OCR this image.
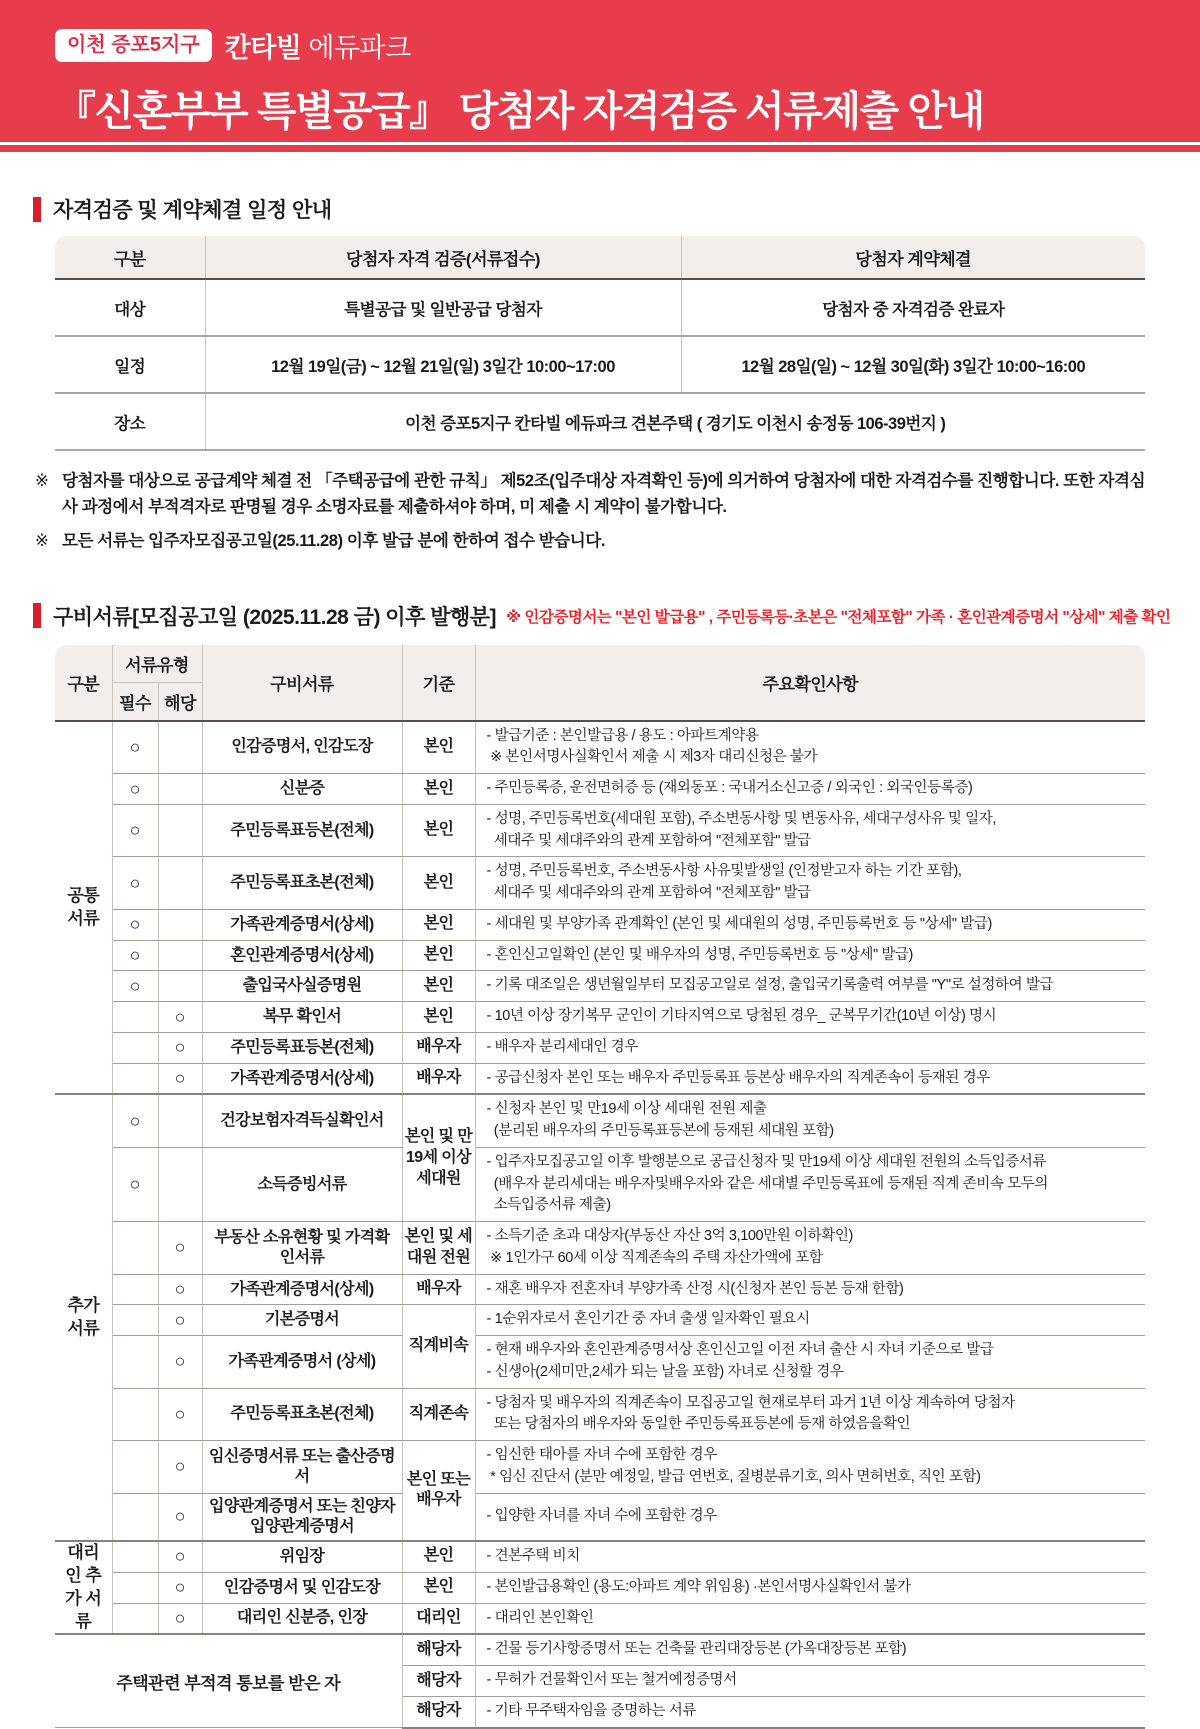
이천 증포5지구 칸타빌 에듀파크
『신혼부부 특별공급』 당첨자 자격검증 서류제출 안내
자격검증 및 계약체결 일정 안내
구분	당첨자 자격 검증(서류접수)	당첨자 계약체결
대상	특별공급 및 일반공급 당첨자	당첨자 중 자격검증 완료자
일정	12월 19일(금) ~ 12월 21일(일) 3일간 10:00~17:00	12월 28일(일) ~ 12월 30일(화) 3일간 10:00~16:00
장소	이천 증포5지구 칸타빌 에듀파크 견본주택 ( 경기도 이천시 송정동 106-39번지 )	
※ 당첨자를 대상으로 공급계약 체결 전 「주택공급에 관한 규칙」 제52조(입주대상 자격확인 등)에 의거하여 당첨자에 대한 자격검수를 진행합니다. 또한 자격심사 과정에서 부적격자로 판명될 경우 소명자료를 제출하셔야 하며, 미 제출 시 계약이 불가합니다.
※ 모든 서류는 입주자모집공고일(25.11.28) 이후 발급 분에 한하여 접수 받습니다.
구비서류[모집공고일 (2025.11.28 금) 이후 발행분] ※ 인감증명서는 "본인 발급용" , 주민등록등·초본은 "전체포함" 가족 · 혼인관계증명서 "상세" 제출 확인
구분	서류유형		구비서류	기준	주요확인사항
	필수	해당			
공통 서류	○		인감증명서, 인감도장	본인	- 발급기준 : 본인발급용 / 용도 : 아파트계약용
※ 본인서명사실확인서 제출 시 제3자 대리신청은 불가

	○		신분증	본인	- 주민등록증, 운전면허증 등 (재외동포 : 국내거소신고증 / 외국인 : 외국인등록증)

	○		주민등록표등본(전체)	본인	- 성명, 주민등록번호(세대원 포함), 주소변동사항 및 변동사유, 세대구성사유 및 일자,
세대주 및 세대주와의 관계 포함하여 "전체포함" 발급

	○		주민등록표초본(전체)	본인	- 성명, 주민등록번호, 주소변동사항 사유및발생일 (인정받고자 하는 기간 포함),
세대주 및 세대주와의 관계 포함하여 "전체포함" 발급

	○		가족관계증명서(상세)	본인	- 세대원 및 부양가족 관계확인 (본인 및 세대원의 성명, 주민등록번호 등 "상세" 발급)

	○		혼인관계증명서(상세)	본인	- 혼인신고일확인 (본인 및 배우자의 성명, 주민등록번호 등 "상세" 발급)

	○		출입국사실증명원	본인	- 기록 대조일은 생년월일부터 모집공고일로 설정, 출입국기록출력 여부를 "Y"로 설정하여 발급

		○	복무 확인서	본인	- 10년 이상 장기복무 군인이 기타지역으로 당첨된 경우_ 군복무기간(10년 이상) 명시

		○	주민등록표등본(전체)	배우자	- 배우자 분리세대인 경우

		○	가족관계증명서(상세)	배우자	- 공급신청자 본인 또는 배우자 주민등록표 등본상 배우자의 직계존속이 등재된 경우

추가 서류	○		건강보험자격득실확인서	본인 및 만19세 이상 세대원	- 신청자 본인 및 만19세 이상 세대원 전원 제출
(분리된 배우자의 주민등록표등본에 등재된 세대원 포함)

	○		소득증빙서류		- 입주자모집공고일 이후 발행분으로 공급신청자 및 만19세 이상 세대원 전원의 소득입증서류
(배우자 분리세대는 배우자및배우자와 같은 세대별 주민등록표에 등재된 직계 존비속 모두의
소득입증서류 제출)

		○	부동산 소유현황 및 가격확인서류	본인 및 세대원 전원	- 소득기준 초과 대상자(부동산 자산 3억 3,100만원 이하확인)
※ 1인가구 60세 이상 직계존속의 주택 자산가액에 포함

		○	가족관계증명서(상세)	배우자	- 재혼 배우자 전혼자녀 부양가족 산정 시(신청자 본인 등본 등재 한함)

		○	기본증명서	직계비속	- 1순위자로서 혼인기간 중 자녀 출생 일자확인 필요시

		○	가족관계증명서 (상세)		- 현재 배우자와 혼인관계증명서상 혼인신고일 이전 자녀 출산 시 자녀 기준으로 발급
- 신생아(2세미만,2세가 되는 날을 포함) 자녀로 신청할 경우

		○	주민등록표초본(전체)	직계존속	- 당첨자 및 배우자의 직계존속이 모집공고일 현재로부터 과거 1년 이상 계속하여 당첨자
또는 당첨자의 배우자와 동일한 주민등록표등본에 등재 하였음을확인

		○	임신증명서류 또는 출산증명서	본인 또는 배우자	- 임신한 태아를 자녀 수에 포함한 경우
* 임신 진단서 (분만 예정일, 발급 연번호, 질병분류기호, 의사 면허번호, 직인 포함)

		○	입양관계증명서 또는 친양자입양관계증명서		- 입양한 자녀를 자녀 수에 포함한 경우

대리인 추가 서류		○	위임장	본인	- 견본주택 비치

		○	인감증명서 및 인감도장	본인	- 본인발급용확인 (용도:아파트 계약 위임용) ·본인서명사실확인서 불가

		○	대리인 신분증, 인장	대리인	- 대리인 본인확인

주택관련 부적격 통보를 받은 자				해당자	- 건물 등기사항증명서 또는 건축물 관리대장등본 (가옥대장등본 포함)

				해당자	- 무허가 건물확인서 또는 철거예정증명서

				해당자	- 기타 무주택자임을 증명하는 서류
